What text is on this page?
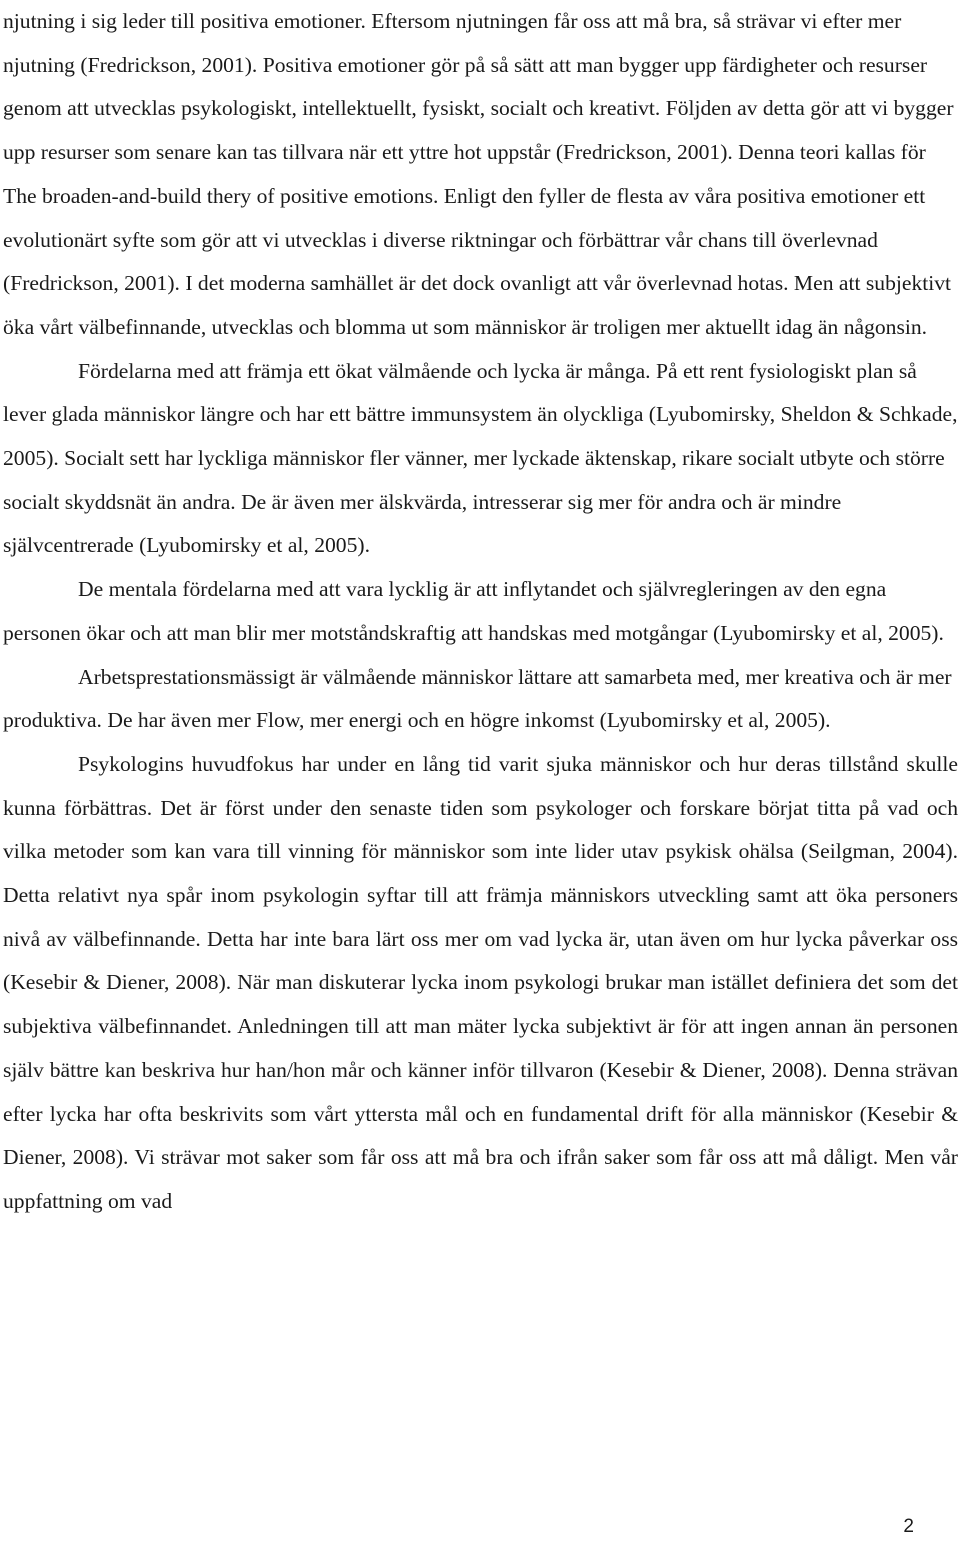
njutning i sig leder till positiva emotioner. Eftersom njutningen får oss att må bra, så strävar vi efter mer njutning (Fredrickson, 2001). Positiva emotioner gör på så sätt att man bygger upp färdigheter och resurser genom att utvecklas psykologiskt, intellektuellt, fysiskt, socialt och kreativt. Följden av detta gör att vi bygger upp resurser som senare kan tas tillvara när ett yttre hot uppstår (Fredrickson, 2001). Denna teori kallas för The broaden-and-build thery of positive emotions. Enligt den fyller de flesta av våra positiva emotioner ett evolutionärt syfte som gör att vi utvecklas i diverse riktningar och förbättrar vår chans till överlevnad (Fredrickson, 2001). I det moderna samhället är det dock ovanligt att vår överlevnad hotas. Men att subjektivt öka vårt välbefinnande, utvecklas och blomma ut som människor är troligen mer aktuellt idag än någonsin.

Fördelarna med att främja ett ökat välmående och lycka är många. På ett rent fysiologiskt plan så lever glada människor längre och har ett bättre immunsystem än olyckliga (Lyubomirsky, Sheldon & Schkade, 2005). Socialt sett har lyckliga människor fler vänner, mer lyckade äktenskap, rikare socialt utbyte och större socialt skyddsnät än andra. De är även mer älskvärda, intresserar sig mer för andra och är mindre självcentrerade (Lyubomirsky et al, 2005).

De mentala fördelarna med att vara lycklig är att inflytandet och självregleringen av den egna personen ökar och att man blir mer motståndskraftig att handskas med motgångar (Lyubomirsky et al, 2005).

Arbetsprestationsmässigt är välmående människor lättare att samarbeta med, mer kreativa och är mer produktiva. De har även mer Flow, mer energi och en högre inkomst (Lyubomirsky et al, 2005).

Psykologins huvudfokus har under en lång tid varit sjuka människor och hur deras tillstånd skulle kunna förbättras. Det är först under den senaste tiden som psykologer och forskare börjat titta på vad och vilka metoder som kan vara till vinning för människor som inte lider utav psykisk ohälsa (Seilgman, 2004). Detta relativt nya spår inom psykologin syftar till att främja människors utveckling samt att öka personers nivå av välbefinnande. Detta har inte bara lärt oss mer om vad lycka är, utan även om hur lycka påverkar oss (Kesebir & Diener, 2008). När man diskuterar lycka inom psykologi brukar man istället definiera det som det subjektiva välbefinnandet. Anledningen till att man mäter lycka subjektivt är för att ingen annan än personen själv bättre kan beskriva hur han/hon mår och känner inför tillvaron (Kesebir & Diener, 2008). Denna strävan efter lycka har ofta beskrivits som vårt yttersta mål och en fundamental drift för alla människor (Kesebir & Diener, 2008). Vi strävar mot saker som får oss att må bra och ifrån saker som får oss att må dåligt. Men vår uppfattning om vad

2
